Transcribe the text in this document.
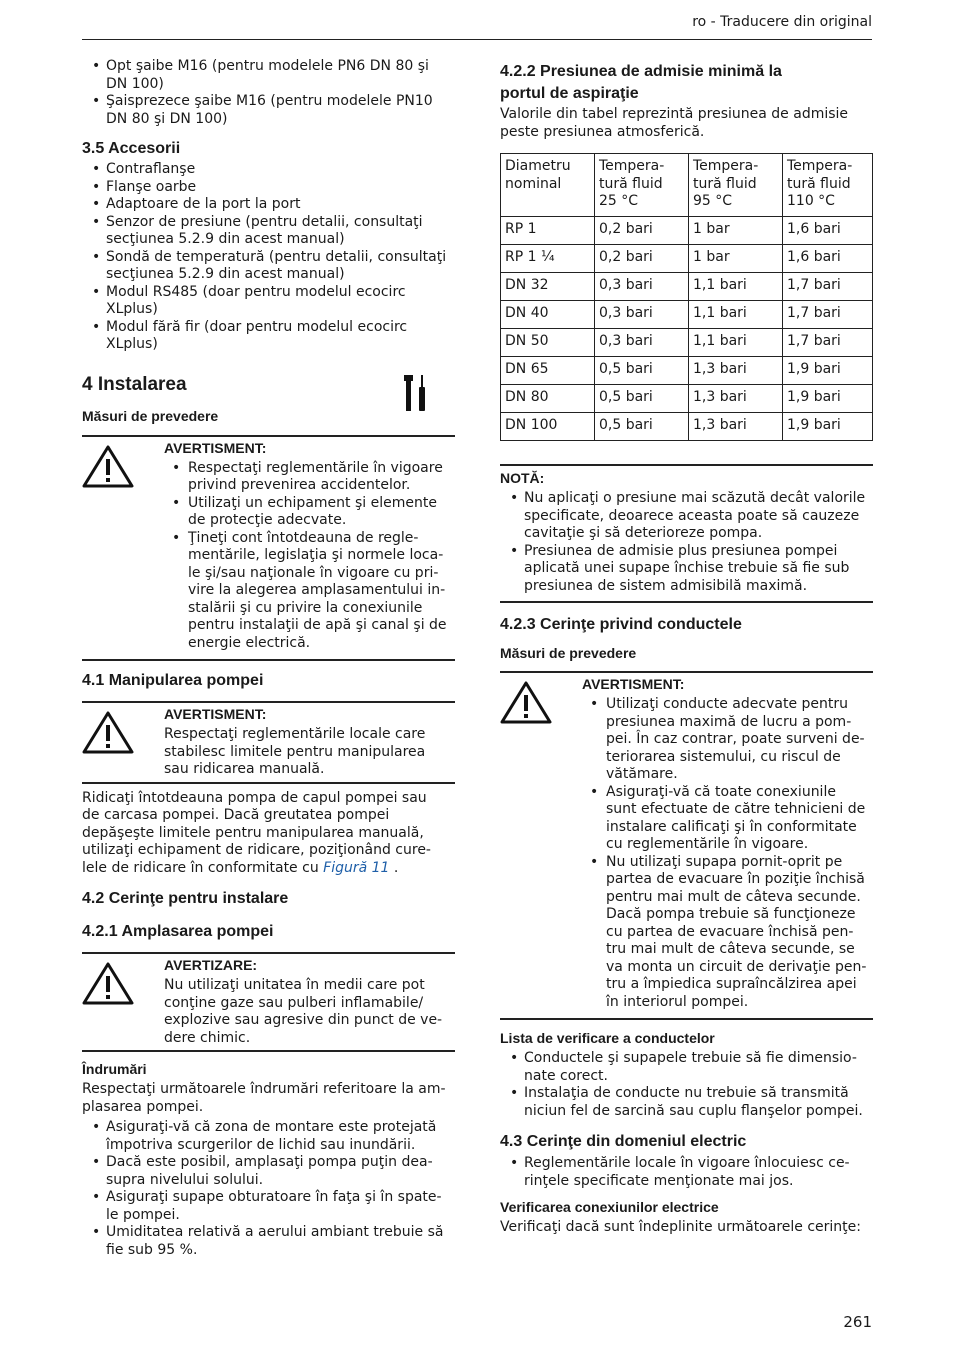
ro - Traducere din original
• Opt şaibe M16 (pentru modelele PN6 DN 80 şi
DN 100)
• Şaisprezece şaibe M16 (pentru modelele PN10
DN 80 şi DN 100)
3.5 Accesorii
• Contraflanşe
• Flanşe oarbe
• Adaptoare de la port la port
• Senzor de presiune (pentru detalii, consultaţi
secţiunea 5.2.9 din acest manual)
• Sondă de temperatură (pentru detalii, consultaţi
secţiunea 5.2.9 din acest manual)
• Modul RS485 (doar pentru modelul ecocirc
XLplus)
• Modul fără fir (doar pentru modelul ecocirc
XLplus)
4 Instalarea
Măsuri de prevedere
AVERTISMENT:
• Respectaţi reglementările în vigoare
privind prevenirea accidentelor.
• Utilizaţi un echipament şi elemente
de protecţie adecvate.
• Ţineţi cont întotdeauna de regle-
mentările, legislaţia şi normele loca-
le şi/sau naţionale în vigoare cu pri-
vire la alegerea amplasamentului in-
stalării şi cu privire la conexiunile
pentru instalaţii de apă şi canal şi de
energie electrică.
4.1 Manipularea pompei
AVERTISMENT:
Respectaţi reglementările locale care
stabilesc limitele pentru manipularea
sau ridicarea manuală.
Ridicaţi întotdeauna pompa de capul pompei sau
de carcasa pompei. Dacă greutatea pompei
depăşeşte limitele pentru manipularea manuală,
utilizaţi echipament de ridicare, poziţionând cure-
lele de ridicare în conformitate cu Figură 11 .
4.2 Cerinţe pentru instalare
4.2.1 Amplasarea pompei
AVERTIZARE:
Nu utilizaţi unitatea în medii care pot
conţine gaze sau pulberi inflamabile/
explozive sau agresive din punct de ve-
dere chimic.
Îndrumări
Respectaţi următoarele îndrumări referitoare la am-
plasarea pompei.
• Asiguraţi-vă că zona de montare este protejată
împotriva scurgerilor de lichid sau inundării.
• Dacă este posibil, amplasaţi pompa puţin dea-
supra nivelului solului.
• Asiguraţi supape obturatoare în faţa şi în spate-
le pompei.
• Umiditatea relativă a aerului ambiant trebuie să
fie sub 95 %.
4.2.2 Presiunea de admisie minimă la
portul de aspiraţie
Valorile din tabel reprezintă presiunea de admisie
peste presiunea atmosferică.
Diametru
nominal	Tempera-
tură fluid
25 °C	Tempera-
tură fluid
95 °C	Tempera-
tură fluid
110 °C
RP 1	0,2 bari	1 bar	1,6 bari
RP 1 ¼	0,2 bari	1 bar	1,6 bari
DN 32	0,3 bari	1,1 bari	1,7 bari
DN 40	0,3 bari	1,1 bari	1,7 bari
DN 50	0,3 bari	1,1 bari	1,7 bari
DN 65	0,5 bari	1,3 bari	1,9 bari
DN 80	0,5 bari	1,3 bari	1,9 bari
DN 100	0,5 bari	1,3 bari	1,9 bari
NOTĂ:
• Nu aplicaţi o presiune mai scăzută decât valorile
specificate, deoarece aceasta poate să cauzeze
cavitaţie şi să deterioreze pompa.
• Presiunea de admisie plus presiunea pompei
aplicată unei supape închise trebuie să fie sub
presiunea de sistem admisibilă maximă.
4.2.3 Cerinţe privind conductele
Măsuri de prevedere
AVERTISMENT:
• Utilizaţi conducte adecvate pentru
presiunea maximă de lucru a pom-
pei. În caz contrar, poate surveni de-
teriorarea sistemului, cu riscul de
vătămare.
• Asiguraţi-vă că toate conexiunile
sunt efectuate de către tehnicieni de
instalare calificaţi şi în conformitate
cu reglementările în vigoare.
• Nu utilizaţi supapa pornit-oprit pe
partea de evacuare în poziţie închisă
pentru mai mult de câteva secunde.
Dacă pompa trebuie să funcţioneze
cu partea de evacuare închisă pen-
tru mai mult de câteva secunde, se
va monta un circuit de derivaţie pen-
tru a împiedica supraîncălzirea apei
în interiorul pompei.
Lista de verificare a conductelor
• Conductele şi supapele trebuie să fie dimensio-
nate corect.
• Instalaţia de conducte nu trebuie să transmită
niciun fel de sarcină sau cuplu flanşelor pompei.
4.3 Cerinţe din domeniul electric
• Reglementările locale în vigoare înlocuiesc ce-
rinţele specificate menţionate mai jos.
Verificarea conexiunilor electrice
Verificaţi dacă sunt îndeplinite următoarele cerinţe:
261
